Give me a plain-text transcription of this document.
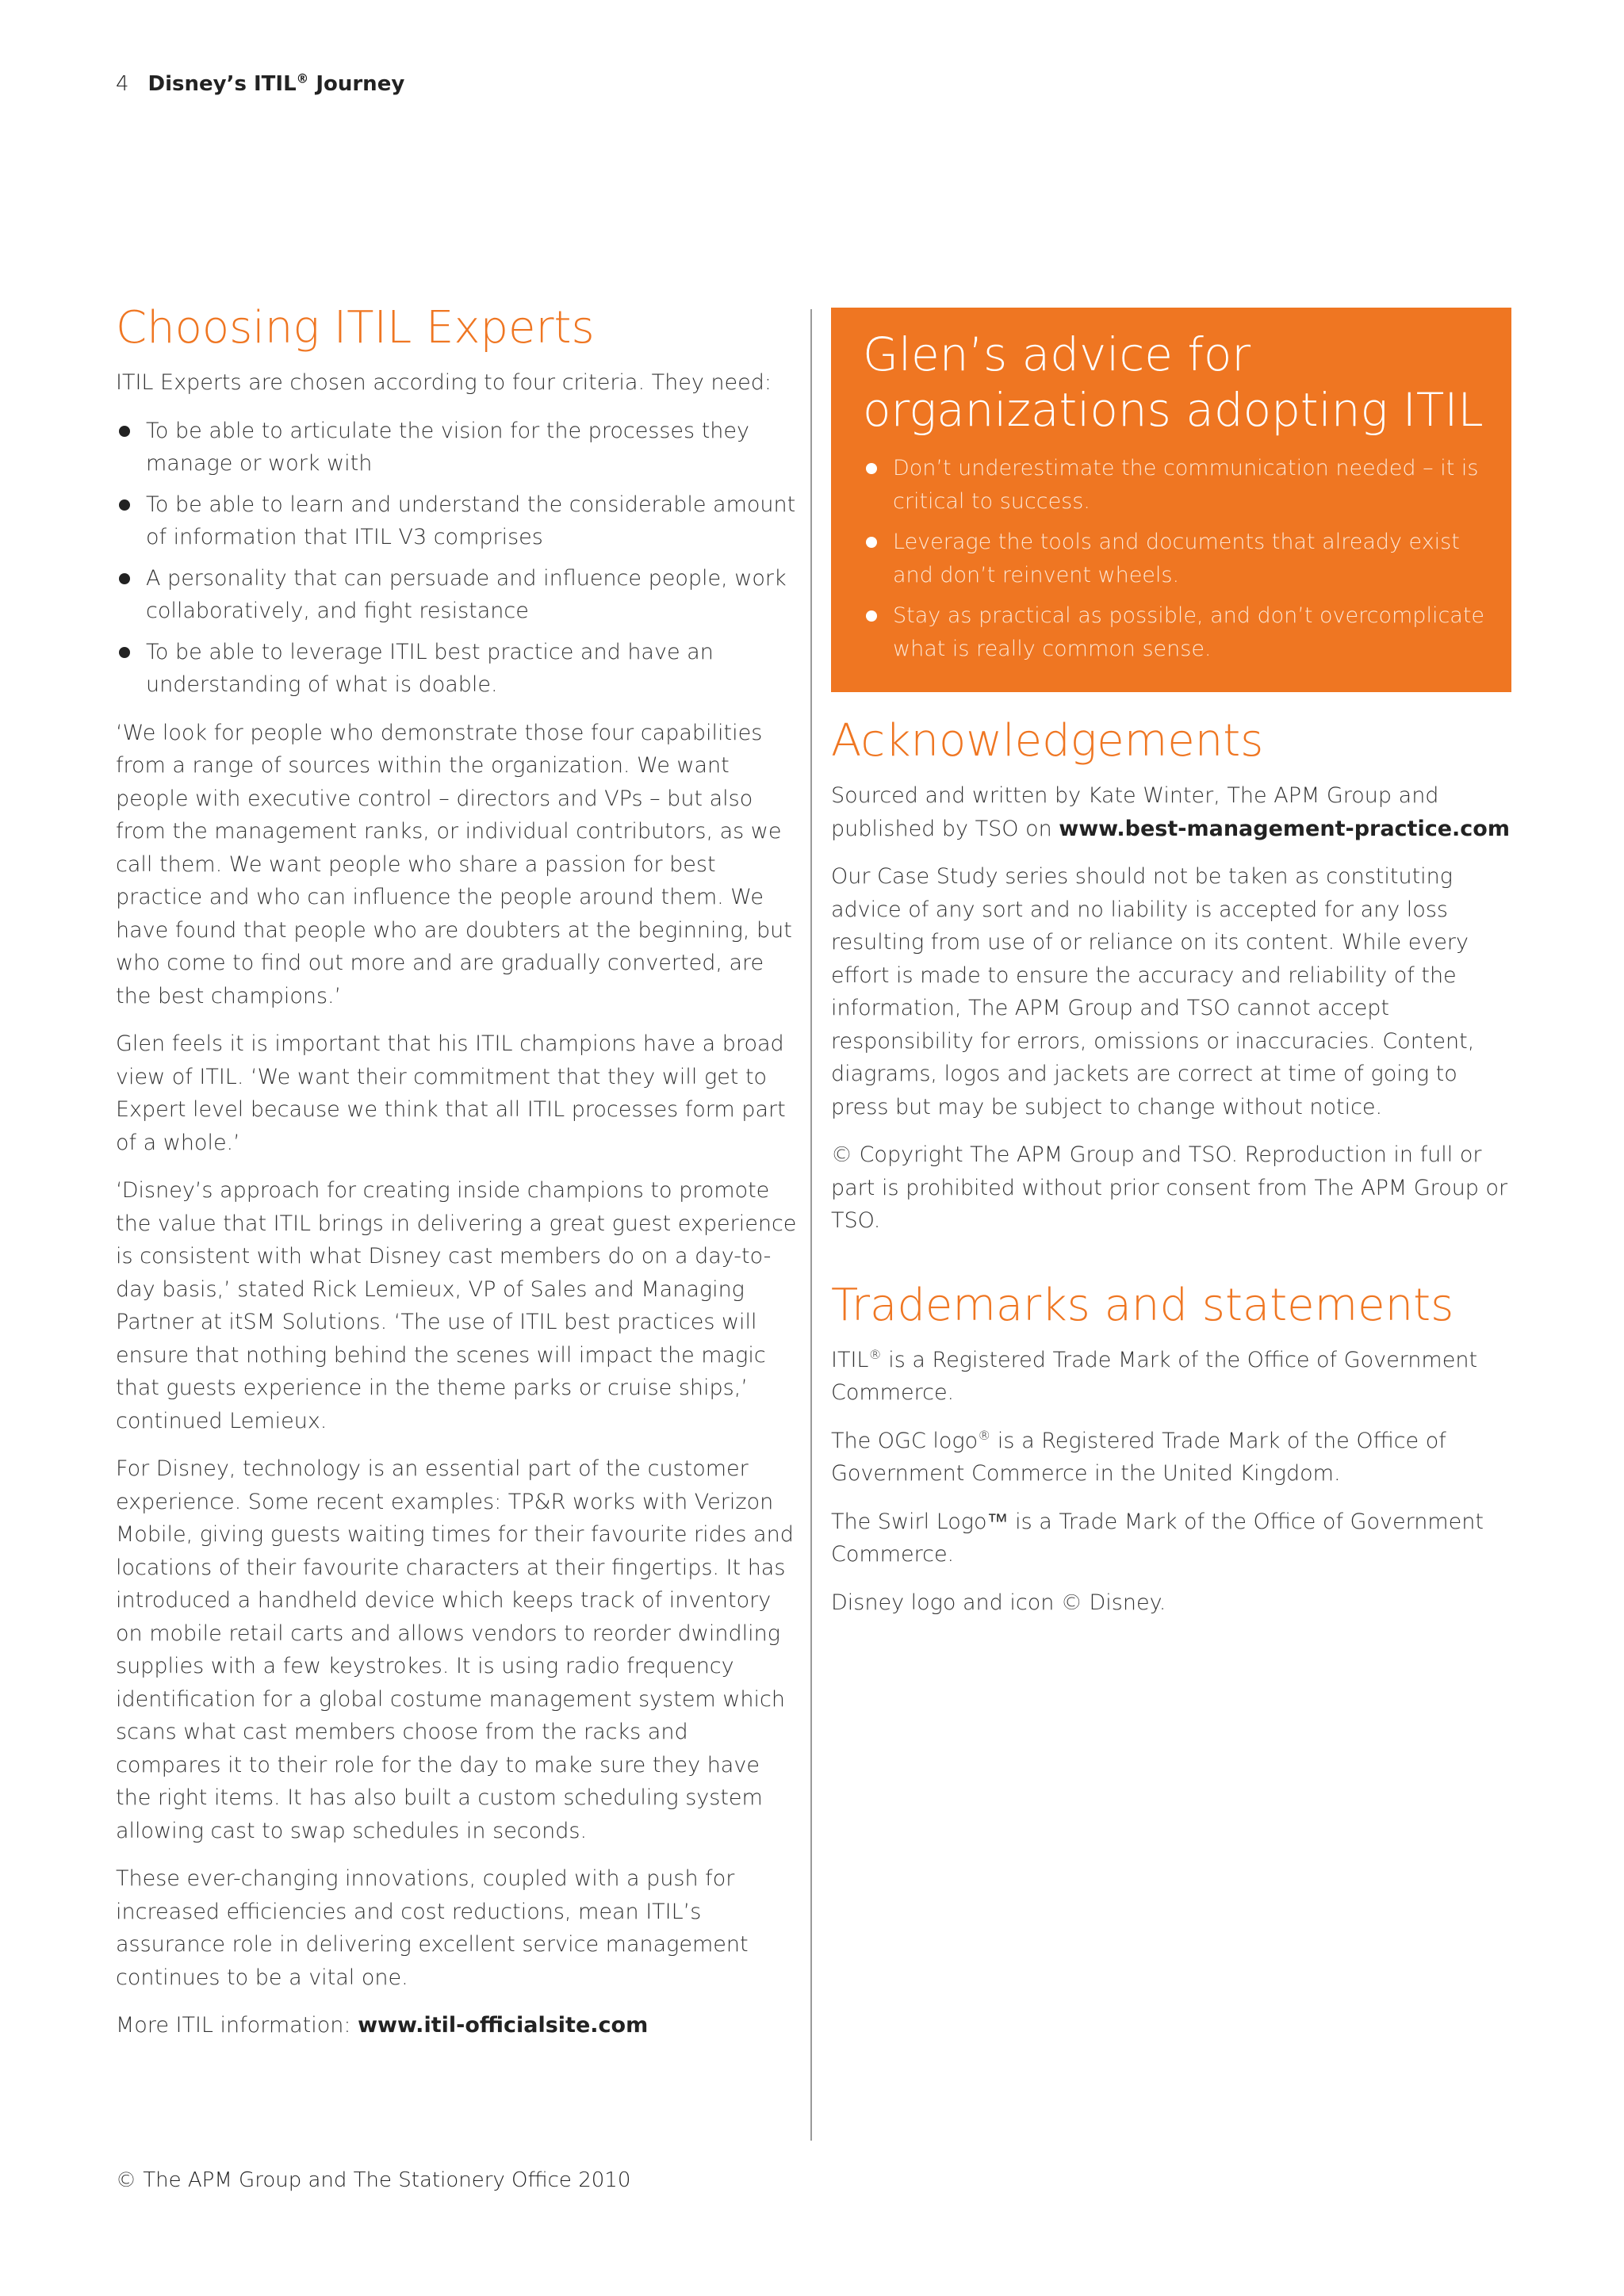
4 Disney’s ITIL® Journey
Choosing ITIL Experts

ITIL Experts are chosen according to four criteria. They need:

To be able to articulate the vision for the processes they manage or work with
To be able to learn and understand the considerable amount of information that ITIL V3 comprises
A personality that can persuade and influence people, work collaboratively, and fight resistance
To be able to leverage ITIL best practice and have an understanding of what is doable.

‘We look for people who demonstrate those four capabilities from a range of sources within the organization. We want people with executive control – directors and VPs – but also from the management ranks, or individual contributors, as we call them. We want people who share a passion for best practice and who can influence the people around them. We have found that people who are doubters at the beginning, but who come to find out more and are gradually converted, are the best champions.’

Glen feels it is important that his ITIL champions have a broad view of ITIL. ‘We want their commitment that they will get to Expert level because we think that all ITIL processes form part of a whole.’

‘Disney’s approach for creating inside champions to promote the value that ITIL brings in delivering a great guest experience is consistent with what Disney cast members do on a day-to-day basis,’ stated Rick Lemieux, VP of Sales and Managing Partner at itSM Solutions. ‘The use of ITIL best practices will ensure that nothing behind the scenes will impact the magic that guests experience in the theme parks or cruise ships,’ continued Lemieux.

For Disney, technology is an essential part of the customer experience. Some recent examples: TP&R works with Verizon Mobile, giving guests waiting times for their favourite rides and locations of their favourite characters at their fingertips. It has introduced a handheld device which keeps track of inventory on mobile retail carts and allows vendors to reorder dwindling supplies with a few keystrokes. It is using radio frequency identification for a global costume management system which scans what cast members choose from the racks and compares it to their role for the day to make sure they have the right items. It has also built a custom scheduling system allowing cast to swap schedules in seconds.

These ever-changing innovations, coupled with a push for increased efficiencies and cost reductions, mean ITIL’s assurance role in delivering excellent service management continues to be a vital one.

More ITIL information: www.itil-officialsite.com

Glen’s advice for organizations adopting ITIL
Don’t underestimate the communication needed – it is critical to success.
Leverage the tools and documents that already exist and don’t reinvent wheels.
Stay as practical as possible, and don’t overcomplicate what is really common sense.
Acknowledgements

Sourced and written by Kate Winter, The APM Group and published by TSO on www.best-management-practice.com

Our Case Study series should not be taken as constituting advice of any sort and no liability is accepted for any loss resulting from use of or reliance on its content. While every effort is made to ensure the accuracy and reliability of the information, The APM Group and TSO cannot accept responsibility for errors, omissions or inaccuracies. Content, diagrams, logos and jackets are correct at time of going to press but may be subject to change without notice.

© Copyright The APM Group and TSO. Reproduction in full or part is prohibited without prior consent from The APM Group or TSO.

Trademarks and statements

ITIL® is a Registered Trade Mark of the Office of Government Commerce.

The OGC logo® is a Registered Trade Mark of the Office of Government Commerce in the United Kingdom.

The Swirl Logo™ is a Trade Mark of the Office of Government Commerce.

Disney logo and icon © Disney.

© The APM Group and The Stationery Office 2010
